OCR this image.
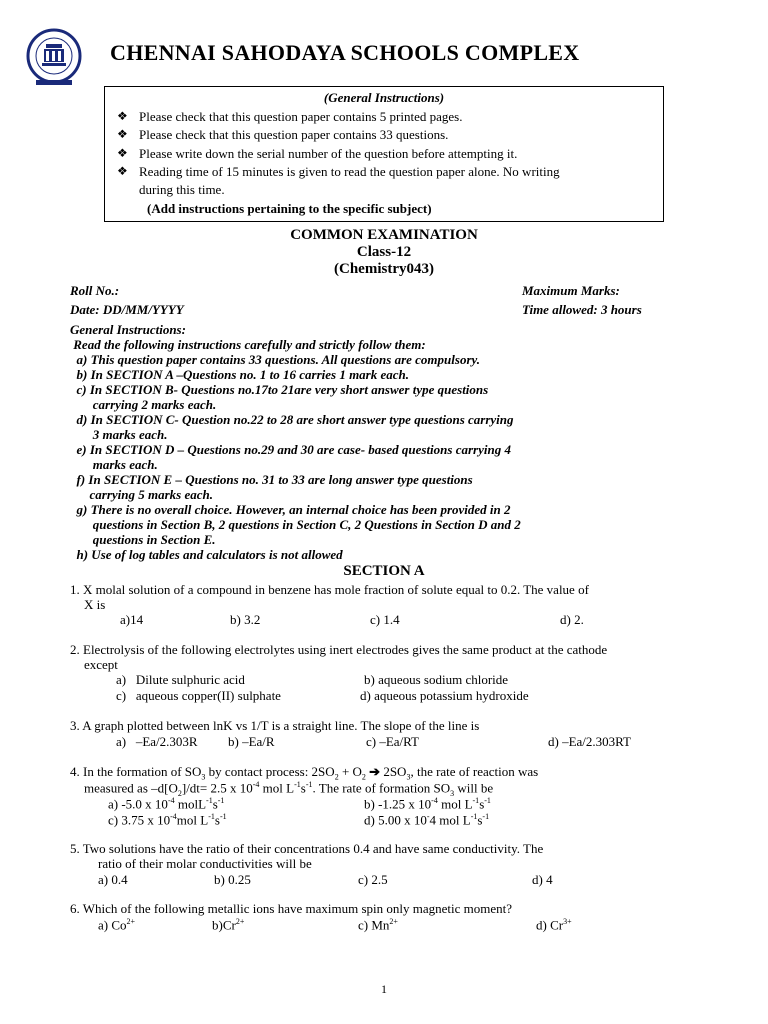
CHENNAI SAHODAYA SCHOOLS COMPLEX
(General Instructions)
❖ Please check that this question paper contains 5 printed pages.
❖ Please check that this question paper contains 33 questions.
❖ Please write down the serial number of the question before attempting it.
❖ Reading time of 15 minutes is given to read the question paper alone. No writing
during this time.
(Add instructions pertaining to the specific subject)
COMMON EXAMINATION
Class-12
(Chemistry043)
Roll No.:	Maximum Marks:
Date: DD/MM/YYYY	Time allowed: 3 hours
General Instructions:
Read the following instructions carefully and strictly follow them:
a) This question paper contains 33 questions. All questions are compulsory.
b) In SECTION A –Questions no. 1 to 16 carries 1 mark each.
c) In SECTION B- Questions no.17to 21are very short answer type questions
carrying 2 marks each.
d) In SECTION C- Question no.22 to 28 are short answer type questions carrying
3 marks each.
e) In SECTION D – Questions no.29 and 30 are case- based questions carrying 4
marks each.
f) In SECTION E – Questions no. 31 to 33 are long answer type questions
carrying 5 marks each.
g) There is no overall choice. However, an internal choice has been provided in 2
questions in Section B, 2 questions in Section C, 2 Questions in Section D and 2
questions in Section E.
h) Use of log tables and calculators is not allowed
SECTION A
1. X molal solution of a compound in benzene has mole fraction of solute equal to 0.2. The value of
X is
a)14	b) 3.2	c) 1.4	d) 2.
2. Electrolysis of the following electrolytes using inert electrodes gives the same product at the cathode
except
a)   Dilute sulphuric acid	b) aqueous sodium chloride
c)   aqueous copper(II) sulphate	d) aqueous potassium hydroxide
3. A graph plotted between lnK vs 1/T is a straight line. The slope of the line is
a)   –Ea/2.303R b) –Ea/R	c) –Ea/RT	d) –Ea/2.303RT
4. In the formation of $SO_3$ by contact process: $2SO_2 + O_2$ ➔ $2SO_3$, the rate of reaction was
measured as $-d[O_2]/dt= 2.5$ x $10^{-4}$ mol $L^{-1}s^{-1}$. The rate of formation $SO_3$ will be
a) -5.0 x $10^{-4}$ $molL^{-1}s^{-1}$	b) -1.25 x $10^{-4}$ mol $L^{-1}s^{-1}$
c) 3.75 x $10^{-4}mol$ $L^{-1}s^{-1}$	d) 5.00 x 10-4 mol $L^{-1}s^{-1}$
5. Two solutions have the ratio of their concentrations 0.4 and have same conductivity. The
ratio of their molar conductivities will be
a) 0.4	b) 0.25	c) 2.5	d) 4
6. Which of the following metallic ions have maximum spin only magnetic moment?
a) $Co^{2+}$	$b)Cr^{2+}$	c) $Mn^{2+}$	d) $Cr^{3+}$
1
